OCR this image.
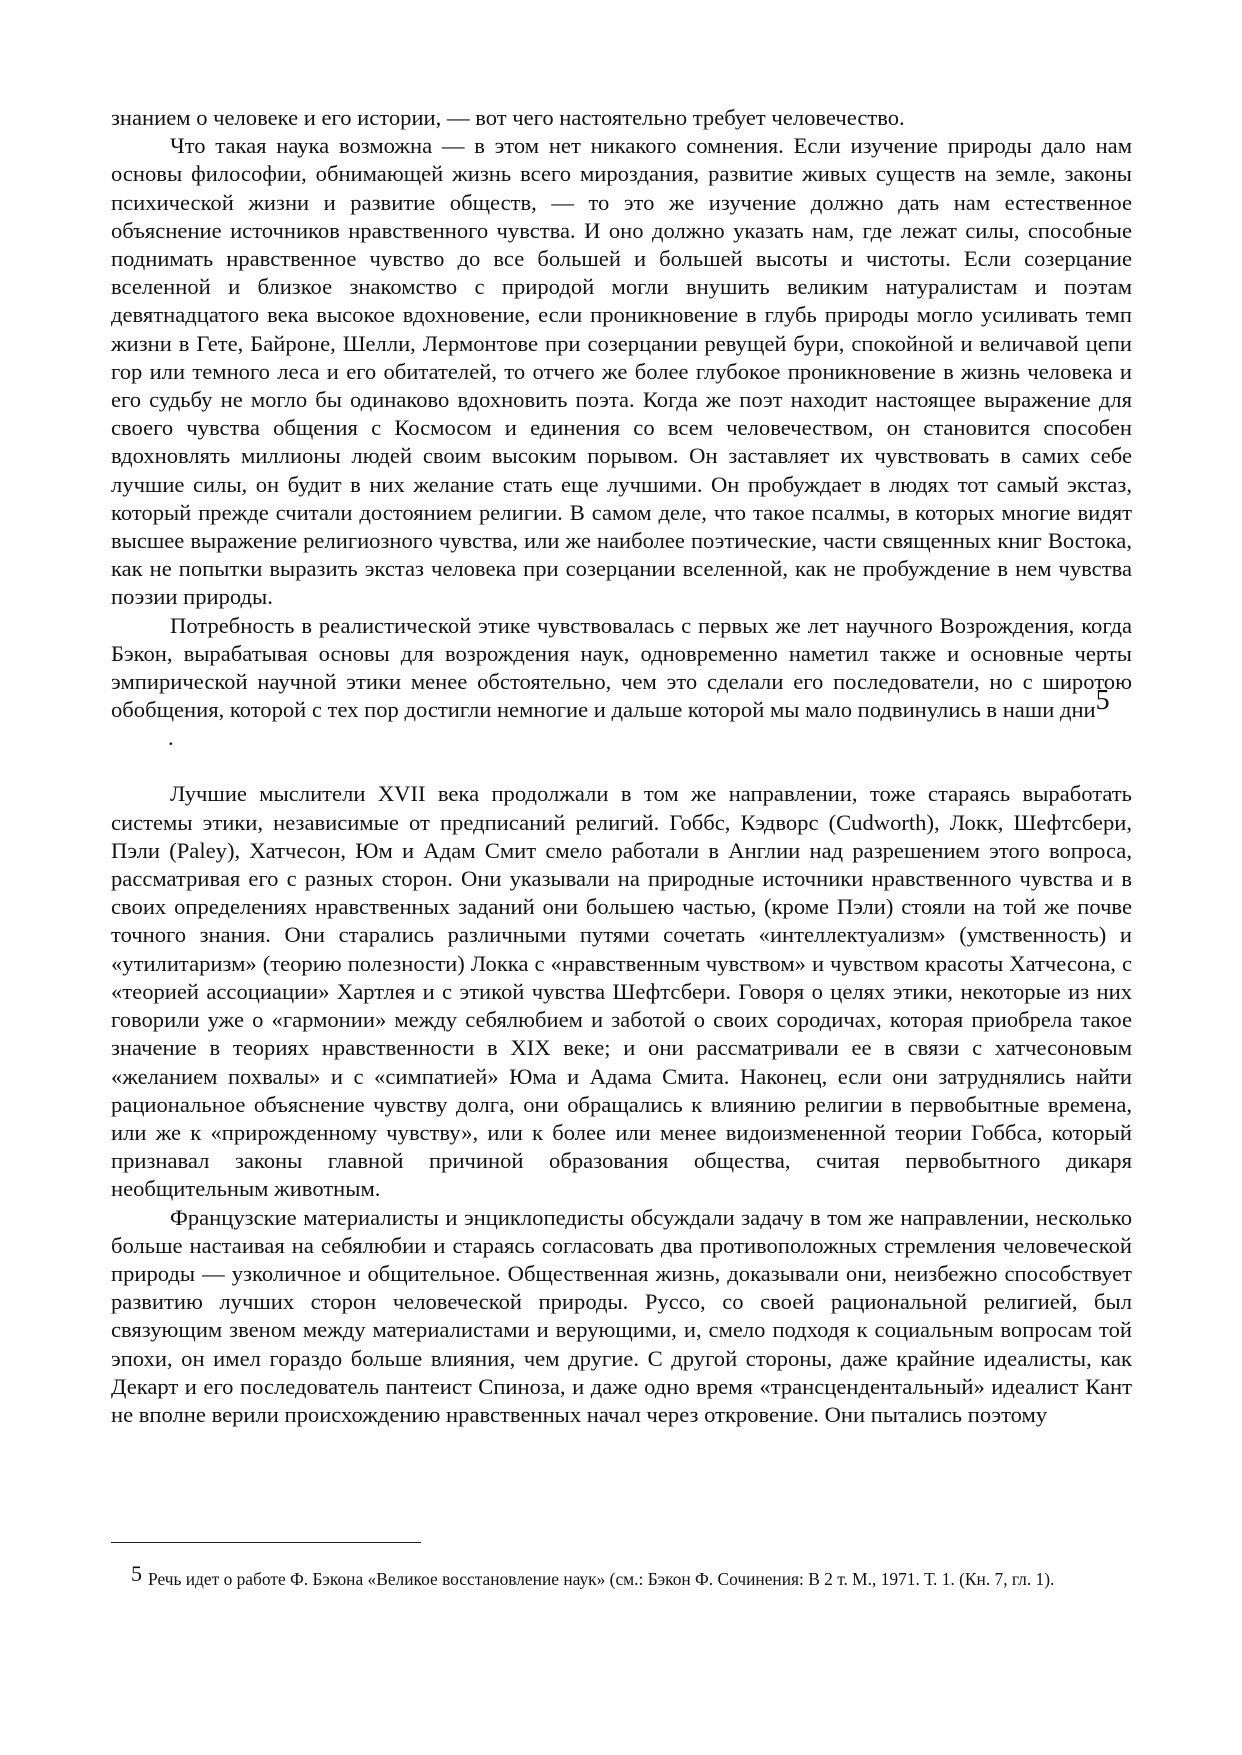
знанием о человеке и его истории, — вот чего настоятельно требует человечество.

Что такая наука возможна — в этом нет никакого сомнения. Если изучение природы дало нам основы философии, обнимающей жизнь всего мироздания, развитие живых существ на земле, законы психической жизни и развитие обществ, — то это же изучение должно дать нам естественное объяснение источников нравственного чувства. И оно должно указать нам, где лежат силы, способные поднимать нравственное чувство до все большей и большей высоты и чистоты. Если созерцание вселенной и близкое знакомство с природой могли внушить великим натуралистам и поэтам девятнадцатого века высокое вдохновение, если проникновение в глубь природы могло усиливать темп жизни в Гете, Байроне, Шелли, Лермонтове при созерцании ревущей бури, спокойной и величавой цепи гор или темного леса и его обитателей, то отчего же более глубокое проникновение в жизнь человека и его судьбу не могло бы одинаково вдохновить поэта. Когда же поэт находит настоящее выражение для своего чувства общения с Космосом и единения со всем человечеством, он становится способен вдохновлять миллионы людей своим высоким порывом. Он заставляет их чувствовать в самих себе лучшие силы, он будит в них желание стать еще лучшими. Он пробуждает в людях тот самый экстаз, который прежде считали достоянием религии. В самом деле, что такое псалмы, в которых многие видят высшее выражение религиозного чувства, или же наиболее поэтические, части священных книг Востока, как не попытки выразить экстаз человека при созерцании вселенной, как не пробуждение в нем чувства поэзии природы.

Потребность в реалистической этике чувствовалась с первых же лет научного Возрождения, когда Бэкон, вырабатывая основы для возрождения наук, одновременно наметил также и основные черты эмпирической научной этики менее обстоятельно, чем это сделали его последователи, но с широтою обобщения, которой с тех пор достигли немногие и дальше которой мы мало подвинулись в наши дни5

.

Лучшие мыслители XVII века продолжали в том же направлении, тоже стараясь выработать системы этики, независимые от предписаний религий. Гоббс, Кэдворс (Cudworth), Локк, Шефтсбери, Пэли (Paley), Хатчесон, Юм и Адам Смит смело работали в Англии над разрешением этого вопроса, рассматривая его с разных сторон. Они указывали на природные источники нравственного чувства и в своих определениях нравственных заданий они большею частью, (кроме Пэли) стояли на той же почве точного знания. Они старались различными путями сочетать «интеллектуализм» (умственность) и «утилитаризм» (теорию полезности) Локка с «нравственным чувством» и чувством красоты Хатчесона, с «теорией ассоциации» Хартлея и с этикой чувства Шефтсбери. Говоря о целях этики, некоторые из них говорили уже о «гармонии» между себялюбием и заботой о своих сородичах, которая приобрела такое значение в теориях нравственности в XIX веке; и они рассматривали ее в связи с хатчесоновым «желанием похвалы» и с «симпатией» Юма и Адама Смита. Наконец, если они затруднялись найти рациональное объяснение чувству долга, они обращались к влиянию религии в первобытные времена, или же к «прирожденному чувству», или к более или менее видоизмененной теории Гоббса, который признавал законы главной причиной образования общества, считая первобытного дикаря необщительным животным.

Французские материалисты и энциклопедисты обсуждали задачу в том же направлении, несколько больше настаивая на себялюбии и стараясь согласовать два противоположных стремления человеческой природы — узколичное и общительное. Общественная жизнь, доказывали они, неизбежно способствует развитию лучших сторон человеческой природы. Руссо, со своей рациональной религией, был связующим звеном между материалистами и верующими, и, смело подходя к социальным вопросам той эпохи, он имел гораздо больше влияния, чем другие. С другой стороны, даже крайние идеалисты, как Декарт и его последователь пантеист Спиноза, и даже одно время «трансцендентальный» идеалист Кант не вполне верили происхождению нравственных начал через откровение. Они пытались поэтому

5 Речь идет о работе Ф. Бэкона «Великое восстановление наук» (см.: Бэкон Ф. Сочинения: В 2 т. М., 1971. Т. 1. (Кн. 7, гл. 1).
